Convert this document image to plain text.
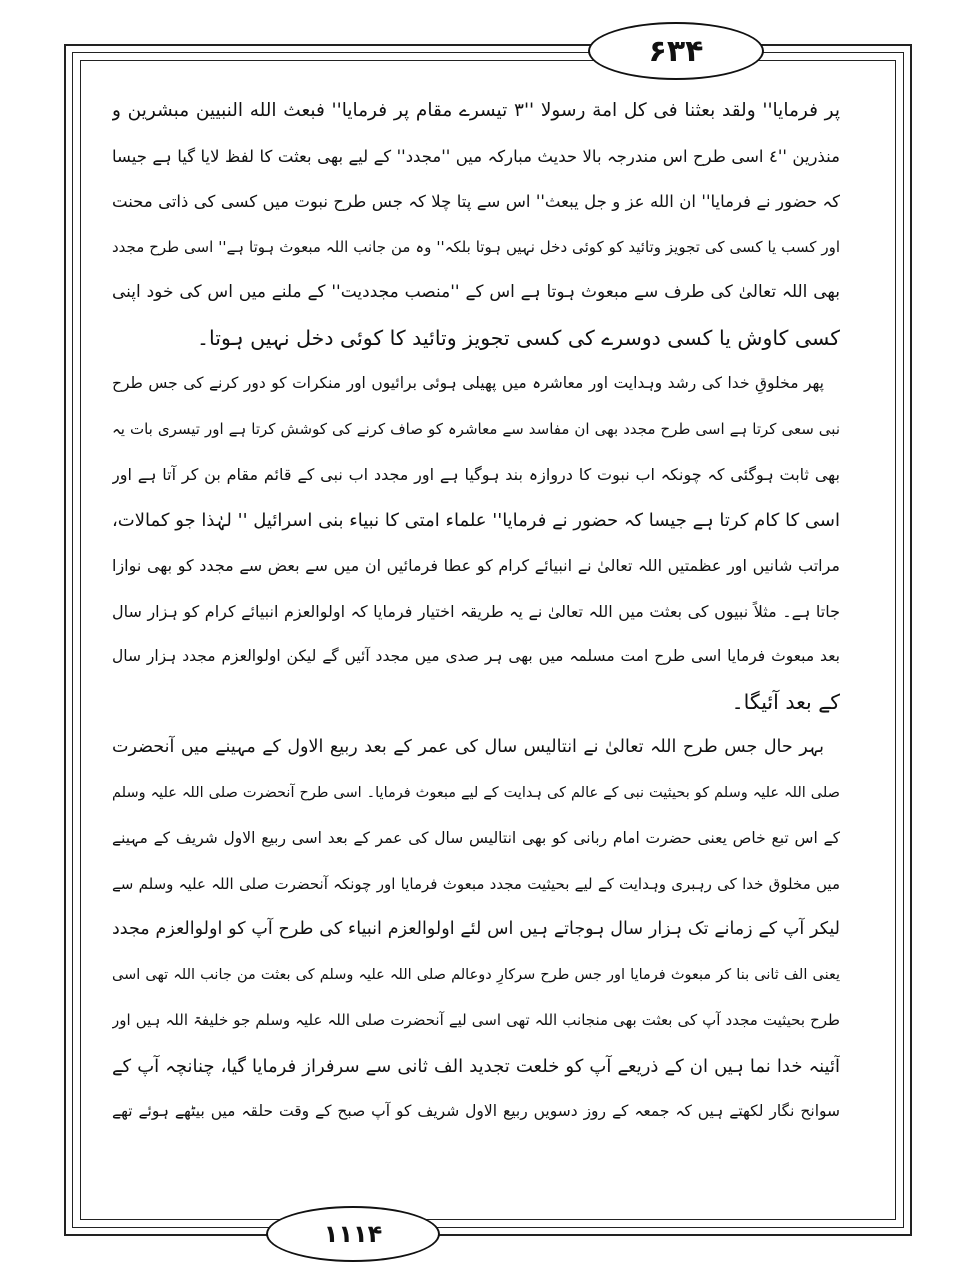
۶۳۴
پر فرمایا'' ولقد بعثنا فی کل امة رسولا ''٣ تیسرے مقام پر فرمایا'' فبعث الله النبیین مبشرین و
منذرین ''٤ اسی طرح اس مندرجہ بالا حدیث مبارکہ میں ''مجدد'' کے لیے بھی بعثت کا لفظ لایا گیا ہے جیسا
کہ حضور نے فرمایا'' ان الله عز و جل یبعث'' اس سے پتا چلا کہ جس طرح نبوت میں کسی کی ذاتی محنت
اور کسب یا کسی کی تجویز وتائید کو کوئی دخل نہیں ہوتا بلکہ'' وہ من جانب اللہ مبعوث ہوتا ہے'' اسی طرح مجدد
بھی اللہ تعالیٰ کی طرف سے مبعوث ہوتا ہے اس کے ''منصب مجددیت'' کے ملنے میں اس کی خود اپنی
کسی کاوش یا کسی دوسرے کی کسی تجویز وتائید کا کوئی دخل نہیں ہوتا۔
پھر مخلوقِ خدا کی رشد وہدایت اور معاشرہ میں پھیلی ہوئی برائیوں اور منکرات کو دور کرنے کی جس طرح
نبی سعی کرتا ہے اسی طرح مجدد بھی ان مفاسد سے معاشرہ کو صاف کرنے کی کوشش کرتا ہے اور تیسری بات یہ
بھی ثابت ہوگئی کہ چونکہ اب نبوت کا دروازہ بند ہوگیا ہے اور مجدد اب نبی کے قائم مقام بن کر آتا ہے اور
اسی کا کام کرتا ہے جیسا کہ حضور نے فرمایا'' علماء امتی کا نبیاء بنی اسرائیل '' لہٰذا جو کمالات،
مراتب شانیں اور عظمتیں اللہ تعالیٰ نے انبیائے کرام کو عطا فرمائیں ان میں سے بعض سے مجدد کو بھی نوازا
جاتا ہے۔ مثلاً نبیوں کی بعثت میں اللہ تعالیٰ نے یہ طریقہ اختیار فرمایا کہ اولوالعزم انبیائے کرام کو ہزار سال
بعد مبعوث فرمایا اسی طرح امت مسلمہ میں بھی ہر صدی میں مجدد آئیں گے لیکن اولوالعزم مجدد ہزار سال
کے بعد آئیگا۔
بہر حال جس طرح اللہ تعالیٰ نے انتالیس سال کی عمر کے بعد ربیع الاول کے مہینے میں آنحضرت
صلی اللہ علیہ وسلم کو بحیثیت نبی کے عالم کی ہدایت کے لیے مبعوث فرمایا۔ اسی طرح آنحضرت صلی اللہ علیہ وسلم
کے اس تبع خاص یعنی حضرت امام ربانی کو بھی انتالیس سال کی عمر کے بعد اسی ربیع الاول شریف کے مہینے
میں مخلوق خدا کی رہبری وہدایت کے لیے بحیثیت مجدد مبعوث فرمایا اور چونکہ آنحضرت صلی اللہ علیہ وسلم سے
لیکر آپ کے زمانے تک ہزار سال ہوجاتے ہیں اس لئے اولوالعزم انبیاء کی طرح آپ کو اولوالعزم مجدد
یعنی الف ثانی بنا کر مبعوث فرمایا اور جس طرح سرکارِ دوعالم صلی اللہ علیہ وسلم کی بعثت من جانب اللہ تھی اسی
طرح بحیثیت مجدد آپ کی بعثت بھی منجانب اللہ تھی اسی لیے آنحضرت صلی اللہ علیہ وسلم جو خلیفۃ اللہ ہیں اور
آئینہ خدا نما ہیں ان کے ذریعے آپ کو خلعت تجدید الف ثانی سے سرفراز فرمایا گیا، چنانچہ آپ کے
سوانح نگار لکھتے ہیں کہ جمعہ کے روز دسویں ربیع الاول شریف کو آپ صبح کے وقت حلقہ میں بیٹھے ہوئے تھے
۱۱۱۴
